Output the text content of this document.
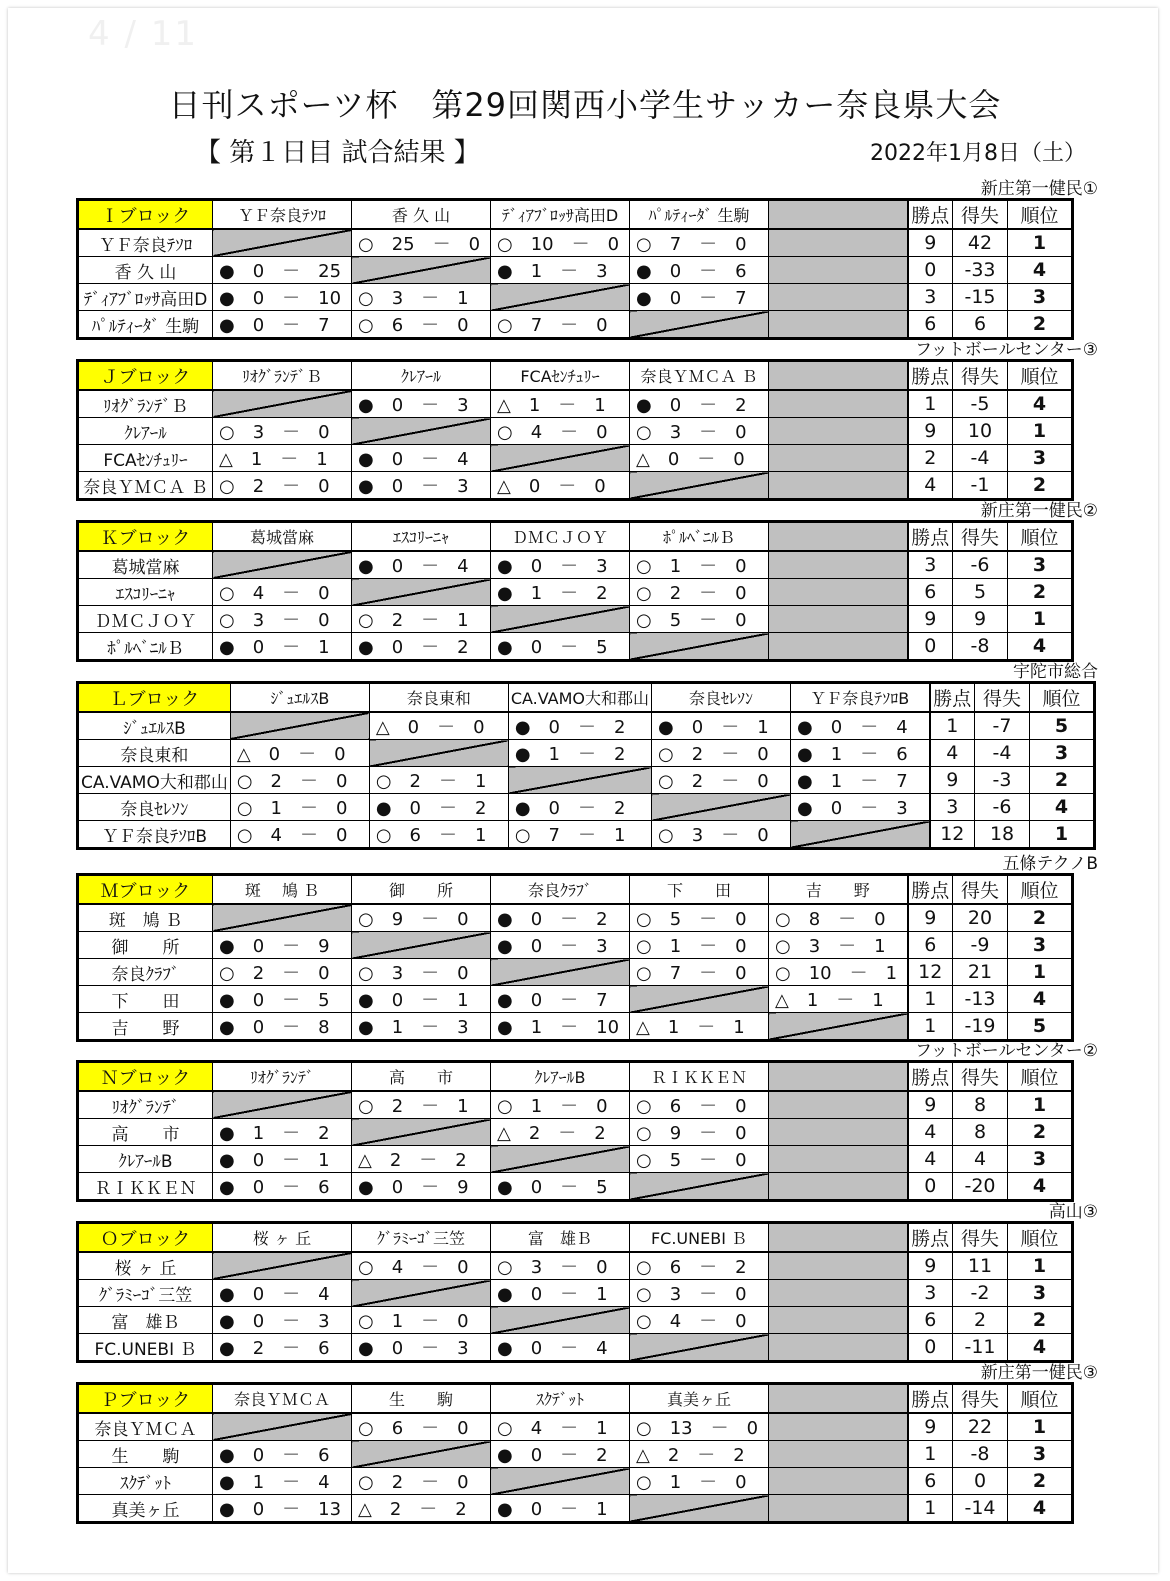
4 / 11
日刊スポーツ杯　第29回関西小学生サッカー奈良県大会
【 第１日目 試合結果 】	2022年1月8日（土）
新庄第一健民①
Ｉブロック	ＹＦ奈良ﾃｿﾛ	香 久 山	ﾃﾞｨｱﾌﾞﾛｯｻ高田D	ﾊﾟﾙﾃｨｰﾀﾞ 生駒		勝点	得失	順位
ＹＦ奈良ﾃｿﾛ		○　25　－　0	○　10　－　0	○　7　－　0		9	42	1
香 久 山	●　0　－　25		●　1　－　3	●　0　－　6		0	-33	4
ﾃﾞｨｱﾌﾞﾛｯｻ高田D	●　0　－　10	○　3　－　1		●　0　－　7		3	-15	3
ﾊﾟﾙﾃｨｰﾀﾞ 生駒	●　0　－　7	○　6　－　0	○　7　－　0			6	6	2
フットボールセンター③
Ｊブロック	ﾘｵｸﾞﾗﾝﾃﾞＢ	ｸﾚｱｰﾙ	FCAｾﾝﾁｭﾘｰ	奈良ＹＭＣＡ Ｂ		勝点	得失	順位
ﾘｵｸﾞﾗﾝﾃﾞＢ		●　0　－　3	△　1　－　1	●　0　－　2		1	-5	4
ｸﾚｱｰﾙ	○　3　－　0		○　4　－　0	○　3　－　0		9	10	1
FCAｾﾝﾁｭﾘｰ	△　1　－　1	●　0　－　4		△　0　－　0		2	-4	3
奈良ＹＭＣＡ Ｂ	○　2　－　0	●　0　－　3	△　0　－　0			4	-1	2
新庄第一健民②
Ｋブロック	葛城當麻	ｴｽｺﾘｰﾆｬ	ＤＭＣＪＯＹ	ﾎﾟﾙﾍﾞﾆﾙＢ		勝点	得失	順位
葛城當麻		●　0　－　4	●　0　－　3	○　1　－　0		3	-6	3
ｴｽｺﾘｰﾆｬ	○　4　－　0		●　1　－　2	○　2　－　0		6	5	2
ＤＭＣＪＯＹ	○　3　－　0	○　2　－　1		○　5　－　0		9	9	1
ﾎﾟﾙﾍﾞﾆﾙＢ	●　0　－　1	●　0　－　2	●　0　－　5			0	-8	4
宇陀市総合
Ｌブロック	ｼﾞｭｴﾙｽB	奈良東和	CA.VAMO大和郡山	奈良ｾﾚｿﾝ	ＹＦ奈良ﾃｿﾛB	勝点	得失	順位
ｼﾞｭｴﾙｽB		△　0　－　0	●　0　－　2	●　0　－　1	●　0　－　4	1	-7	5
奈良東和	△　0　－　0		●　1　－　2	○　2　－　0	●　1　－　6	4	-4	3
CA.VAMO大和郡山	○　2　－　0	○　2　－　1		○　2　－　0	●　1　－　7	9	-3	2
奈良ｾﾚｿﾝ	○　1　－　0	●　0　－　2	●　0　－　2		●　0　－　3	3	-6	4
ＹＦ奈良ﾃｿﾛB	○　4　－　0	○　6　－　1	○　7　－　1	○　3　－　0		12	18	1
五條テクノB
Ｍブロック	斑　 鳩 Ｂ	御　　所	奈良ｸﾗﾌﾞ	下　　田	吉　　野	勝点	得失	順位
斑　鳩 Ｂ		○　9　－　0	●　0　－　2	○　5　－　0	○　8　－　0	9	20	2
御　　所	●　0　－　9		●　0　－　3	○　1　－　0	○　3　－　1	6	-9	3
奈良ｸﾗﾌﾞ	○　2　－　0	○　3　－　0		○　7　－　0	○　10　－　1	12	21	1
下　　田	●　0　－　5	●　0　－　1	●　0　－　7		△　1　－　1	1	-13	4
吉　　野	●　0　－　8	●　1　－　3	●　1　－　10	△　1　－　1		1	-19	5
フットボールセンター②
Ｎブロック	ﾘｵｸﾞﾗﾝﾃﾞ	高　　市	ｸﾚｱｰﾙB	ＲＩＫＫＥＮ		勝点	得失	順位
ﾘｵｸﾞﾗﾝﾃﾞ		○　2　－　1	○　1　－　0	○　6　－　0		9	8	1
高　　市	●　1　－　2		△　2　－　2	○　9　－　0		4	8	2
ｸﾚｱｰﾙB	●　0　－　1	△　2　－　2		○　5　－　0		4	4	3
ＲＩＫＫＥＮ	●　0　－　6	●　0　－　9	●　0　－　5			0	-20	4
高山③
Ｏブロック	桜 ヶ 丘	ｸﾞﾗﾐｰｺﾞ三笠	富　雄Ｂ	FC.UNEBI Ｂ		勝点	得失	順位
桜 ヶ 丘		○　4　－　0	○　3　－　0	○　6　－　2		9	11	1
ｸﾞﾗﾐｰｺﾞ三笠	●　0　－　4		●　0　－　1	○　3　－　0		3	-2	3
富　雄Ｂ	●　0　－　3	○　1　－　0		○　4　－　0		6	2	2
FC.UNEBI Ｂ	●　2　－　6	●　0　－　3	●　0　－　4			0	-11	4
新庄第一健民③
Ｐブロック	奈良ＹＭＣＡ	生　　駒	ｽｸﾃﾞｯﾄ	真美ヶ丘		勝点	得失	順位
奈良ＹＭＣＡ		○　6　－　0	○　4　－　1	○　13　－　0		9	22	1
生　　駒	●　0　－　6		●　0　－　2	△　2　－　2		1	-8	3
ｽｸﾃﾞｯﾄ	●　1　－　4	○　2　－　0		○　1　－　0		6	0	2
真美ヶ丘	●　0　－　13	△　2　－　2	●　0　－　1			1	-14	4
